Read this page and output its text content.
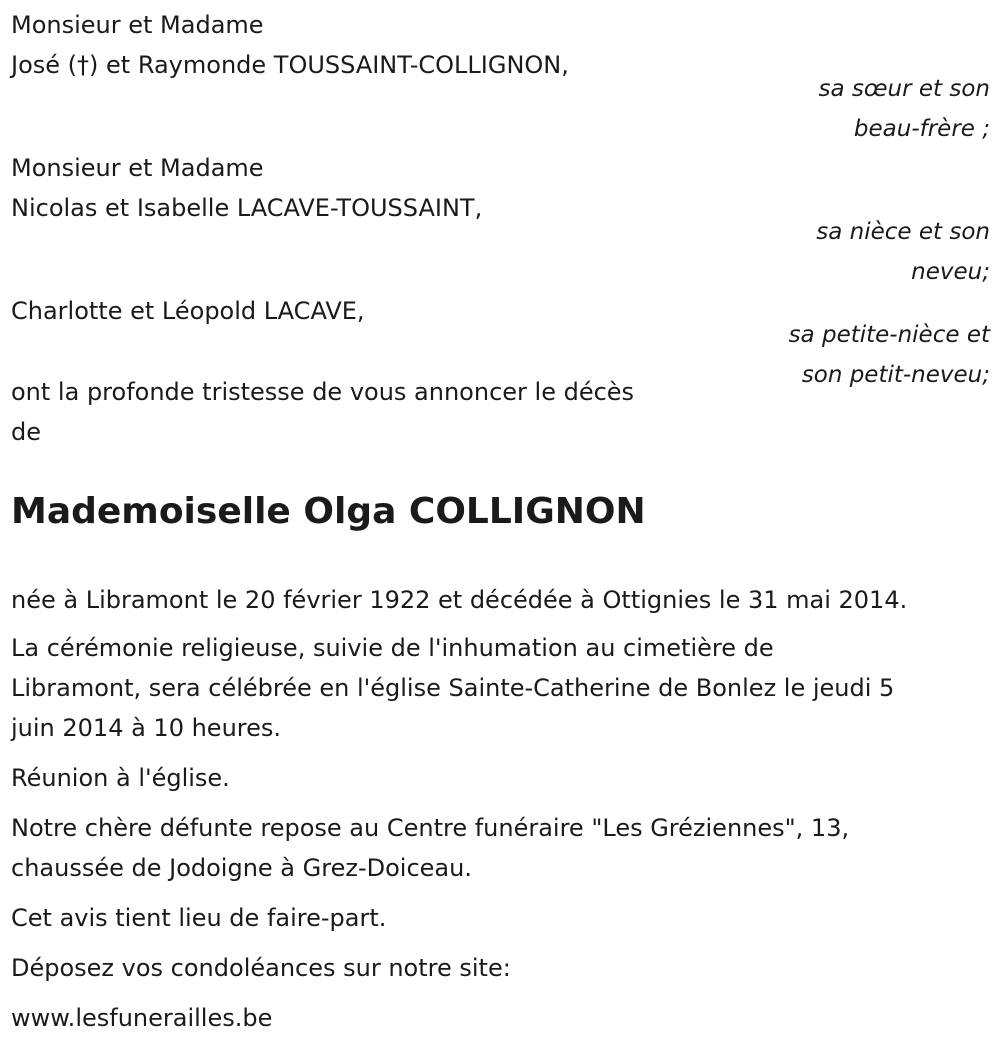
Monsieur et Madame
José (†) et Raymonde TOUSSAINT-COLLIGNON,
sa sœur et son
beau-frère ;
Monsieur et Madame
Nicolas et Isabelle LACAVE-TOUSSAINT,
sa nièce et son
neveu;
Charlotte et Léopold LACAVE,
sa petite-nièce et
son petit-neveu;
ont la profonde tristesse de vous annoncer le décès
de
Mademoiselle Olga COLLIGNON
née à Libramont le 20 février 1922 et décédée à Ottignies le 31 mai 2014.
La cérémonie religieuse, suivie de l'inhumation au cimetière de
Libramont, sera célébrée en l'église Sainte-Catherine de Bonlez le jeudi 5
juin 2014 à 10 heures.
Réunion à l'église.
Notre chère défunte repose au Centre funéraire "Les Gréziennes", 13,
chaussée de Jodoigne à Grez-Doiceau.
Cet avis tient lieu de faire-part.
Déposez vos condoléances sur notre site:
www.lesfunerailles.be
